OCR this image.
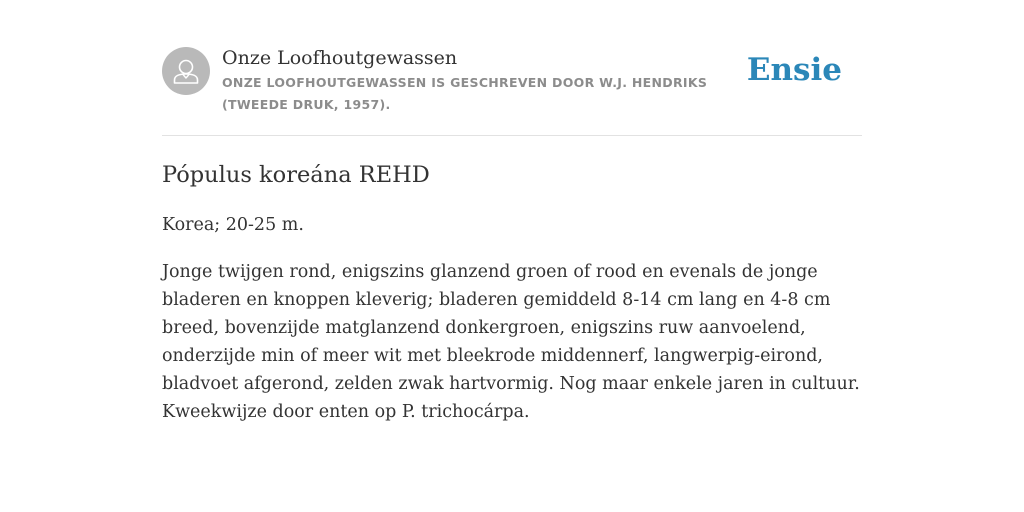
Onze Loofhoutgewassen
ONZE LOOFHOUTGEWASSEN IS GESCHREVEN DOOR W.J. HENDRIKS (TWEEDE DRUK, 1957).
Ensie
Pópulus koreána REHD

Korea; 20-25 m.

Jonge twijgen rond, enigszins glanzend groen of rood en evenals de jonge bladeren en knoppen kleverig; bladeren gemiddeld 8-14 cm lang en 4-8 cm breed, bovenzijde matglanzend donkergroen, enigszins ruw aanvoelend, onderzijde min of meer wit met bleekrode middennerf, langwerpig-eirond, bladvoet afgerond, zelden zwak hartvormig. Nog maar enkele jaren in cultuur. Kweekwijze door enten op P. trichocárpa.
